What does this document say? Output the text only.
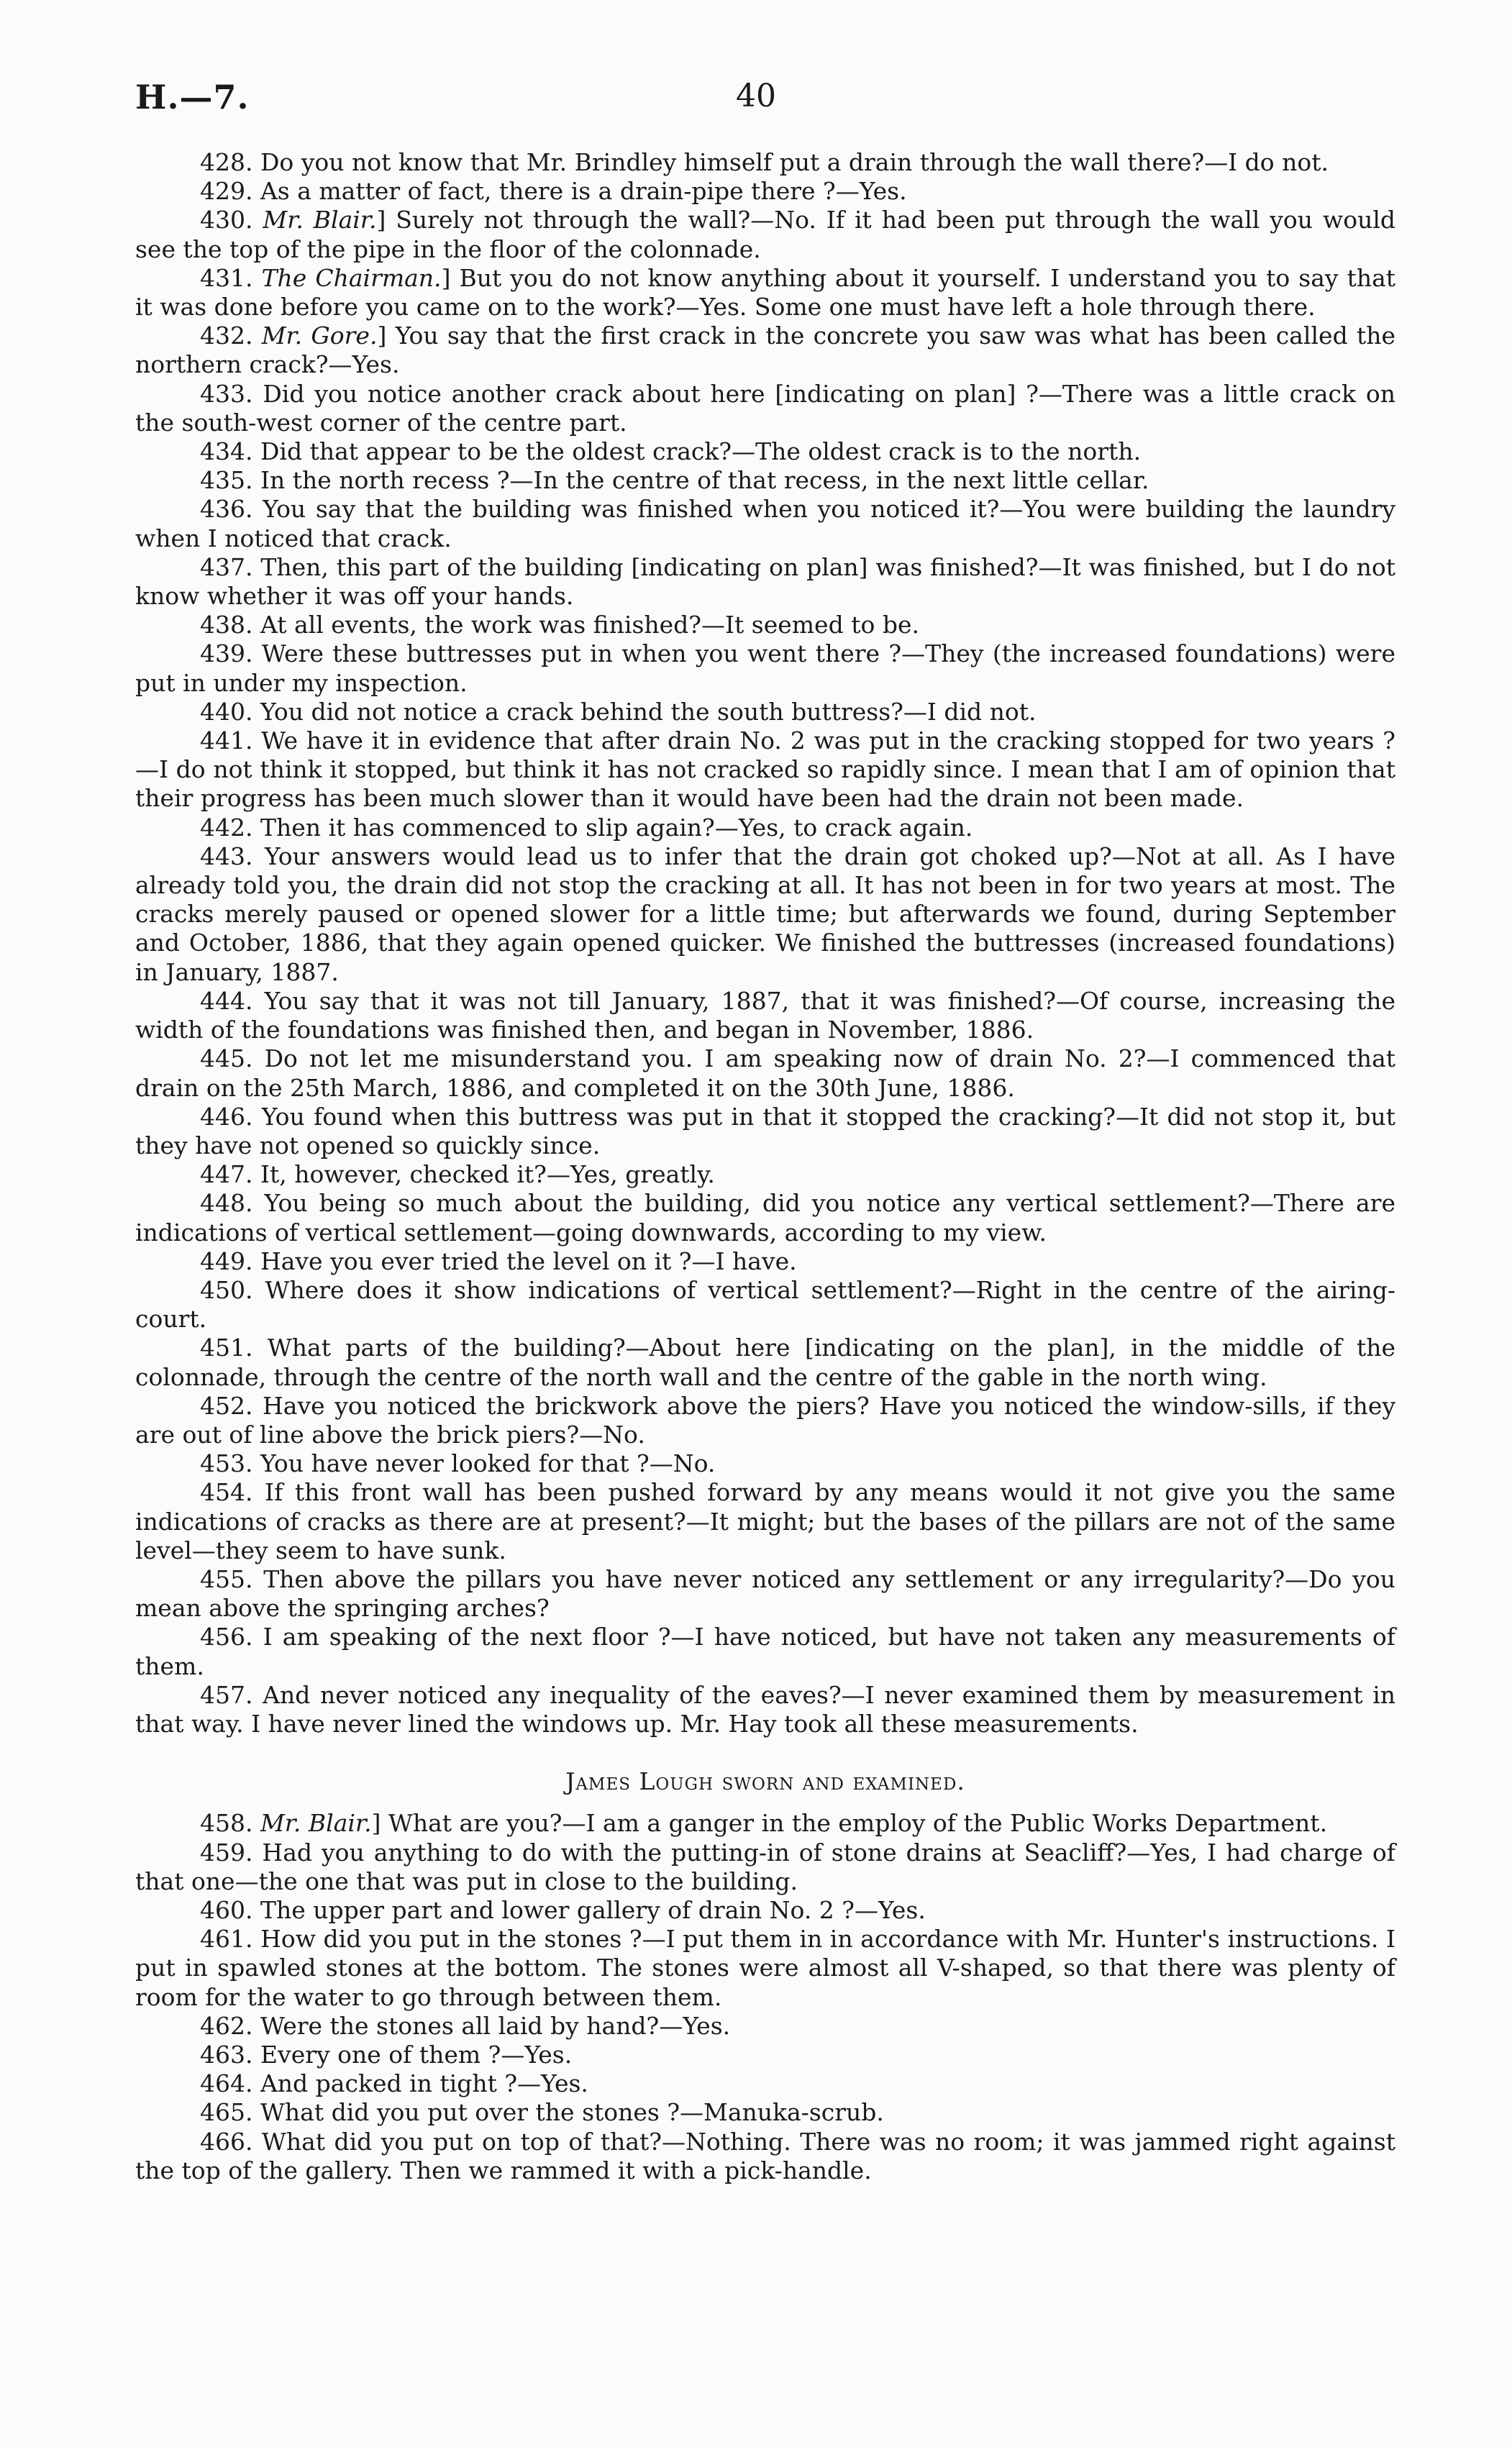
H.—7.	40

428. Do you not know that Mr. Brindley himself put a drain through the wall there?—I do not.

429. As a matter of fact, there is a drain-pipe there ?—Yes.

430. Mr. Blair.] Surely not through the wall?—No. If it had been put through the wall you would see the top of the pipe in the floor of the colonnade.

431. The Chairman.] But you do not know anything about it yourself. I understand you to say that it was done before you came on to the work?—Yes. Some one must have left a hole through there.

432. Mr. Gore.] You say that the first crack in the concrete you saw was what has been called the northern crack?—Yes.

433. Did you notice another crack about here [indicating on plan] ?—There was a little crack on the south-west corner of the centre part.

434. Did that appear to be the oldest crack?—The oldest crack is to the north.

435. In the north recess ?—In the centre of that recess, in the next little cellar.

436. You say that the building was finished when you noticed it?—You were building the laundry when I noticed that crack.

437. Then, this part of the building [indicating on plan] was finished?—It was finished, but I do not know whether it was off your hands.

438. At all events, the work was finished?—It seemed to be.

439. Were these buttresses put in when you went there ?—They (the increased foundations) were put in under my inspection.

440. You did not notice a crack behind the south buttress?—I did not.

441. We have it in evidence that after drain No. 2 was put in the cracking stopped for two years ?—I do not think it stopped, but think it has not cracked so rapidly since. I mean that I am of opinion that their progress has been much slower than it would have been had the drain not been made.

442. Then it has commenced to slip again?—Yes, to crack again.

443. Your answers would lead us to infer that the drain got choked up?—Not at all. As I have already told you, the drain did not stop the cracking at all. It has not been in for two years at most. The cracks merely paused or opened slower for a little time; but afterwards we found, during September and October, 1886, that they again opened quicker. We finished the buttresses (increased foundations) in January, 1887.

444. You say that it was not till January, 1887, that it was finished?—Of course, increasing the width of the foundations was finished then, and began in November, 1886.

445. Do not let me misunderstand you. I am speaking now of drain No. 2?—I commenced that drain on the 25th March, 1886, and completed it on the 30th June, 1886.

446. You found when this buttress was put in that it stopped the cracking?—It did not stop it, but they have not opened so quickly since.

447. It, however, checked it?—Yes, greatly.

448. You being so much about the building, did you notice any vertical settlement?—There are indications of vertical settlement—going downwards, according to my view.

449. Have you ever tried the level on it ?—I have.

450. Where does it show indications of vertical settlement?—Right in the centre of the airing-court.

451. What parts of the building?—About here [indicating on the plan], in the middle of the colonnade, through the centre of the north wall and the centre of the gable in the north wing.

452. Have you noticed the brickwork above the piers? Have you noticed the window-sills, if they are out of line above the brick piers?—No.

453. You have never looked for that ?—No.

454. If this front wall has been pushed forward by any means would it not give you the same indications of cracks as there are at present?—It might; but the bases of the pillars are not of the same level—they seem to have sunk.

455. Then above the pillars you have never noticed any settlement or any irregularity?—Do you mean above the springing arches?

456. I am speaking of the next floor ?—I have noticed, but have not taken any measurements of them.

457. And never noticed any inequality of the eaves?—I never examined them by measurement in that way. I have never lined the windows up. Mr. Hay took all these measurements.

James Lough sworn and examined.

458. Mr. Blair.] What are you?—I am a ganger in the employ of the Public Works Department.

459. Had you anything to do with the putting-in of stone drains at Seacliff?—Yes, I had charge of that one—the one that was put in close to the building.

460. The upper part and lower gallery of drain No. 2 ?—Yes.

461. How did you put in the stones ?—I put them in in accordance with Mr. Hunter's instructions. I put in spawled stones at the bottom. The stones were almost all V-shaped, so that there was plenty of room for the water to go through between them.

462. Were the stones all laid by hand?—Yes.

463. Every one of them ?—Yes.

464. And packed in tight ?—Yes.

465. What did you put over the stones ?—Manuka-scrub.

466. What did you put on top of that?—Nothing. There was no room; it was jammed right against the top of the gallery. Then we rammed it with a pick-handle.
